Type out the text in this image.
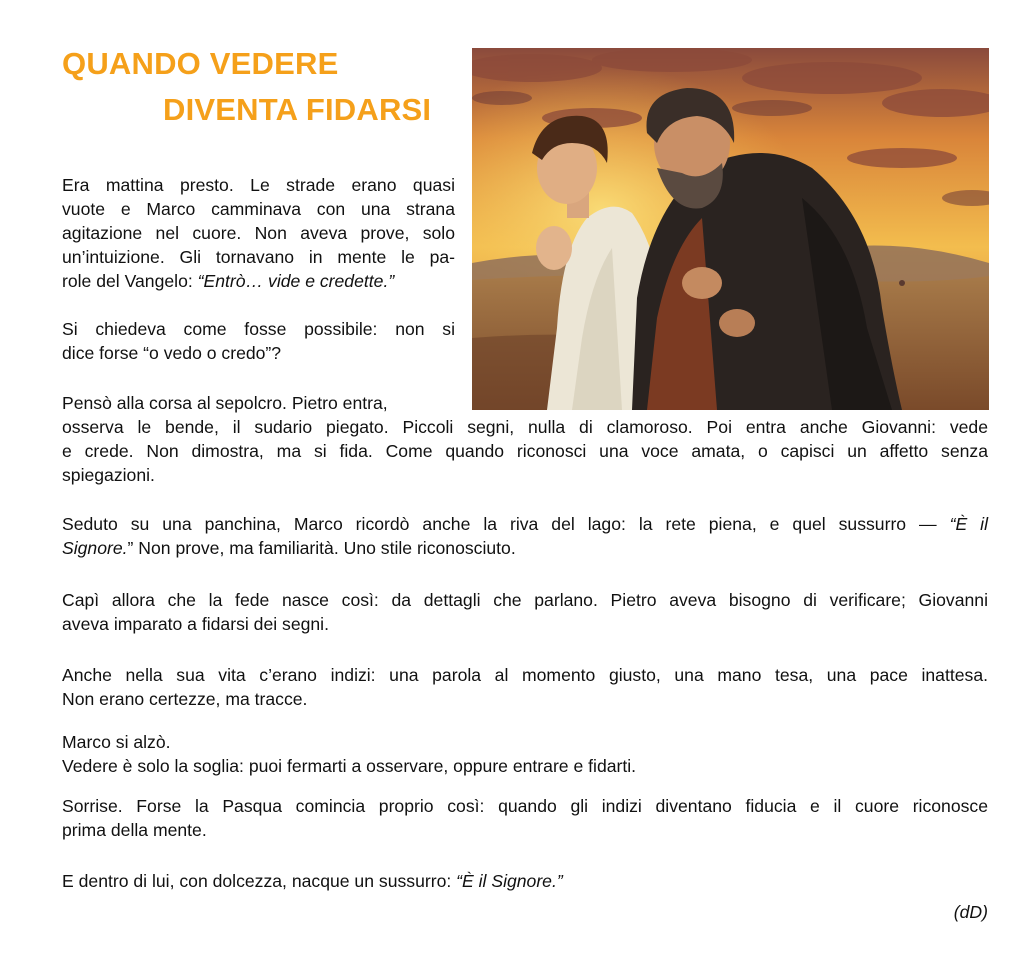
QUANDO VEDERE
DIVENTA FIDARSI
Era mattina presto. Le strade erano quasi
vuote e Marco camminava con una strana
agitazione nel cuore. Non aveva prove, solo
un’intuizione. Gli tornavano in mente le pa-
role del Vangelo: “Entrò… vide e credette.”
Si chiedeva come fosse possibile: non si
dice forse “o vedo o credo”?
Pensò alla corsa al sepolcro. Pietro entra,
osserva le bende, il sudario piegato. Piccoli segni, nulla di clamoroso. Poi entra anche Giovanni: vede
e crede. Non dimostra, ma si fida. Come quando riconosci una voce amata, o capisci un affetto senza
spiegazioni.
Seduto su una panchina, Marco ricordò anche la riva del lago: la rete piena, e quel sussurro — “È il
Signore.” Non prove, ma familiarità. Uno stile riconosciuto.
Capì allora che la fede nasce così: da dettagli che parlano. Pietro aveva bisogno di verificare; Giovanni
aveva imparato a fidarsi dei segni.
Anche nella sua vita c’erano indizi: una parola al momento giusto, una mano tesa, una pace inattesa.
Non erano certezze, ma tracce.
Marco si alzò.
Vedere è solo la soglia: puoi fermarti a osservare, oppure entrare e fidarti.
Sorrise. Forse la Pasqua comincia proprio così: quando gli indizi diventano fiducia e il cuore riconosce
prima della mente.
E dentro di lui, con dolcezza, nacque un sussurro: “È il Signore.”
(dD)
